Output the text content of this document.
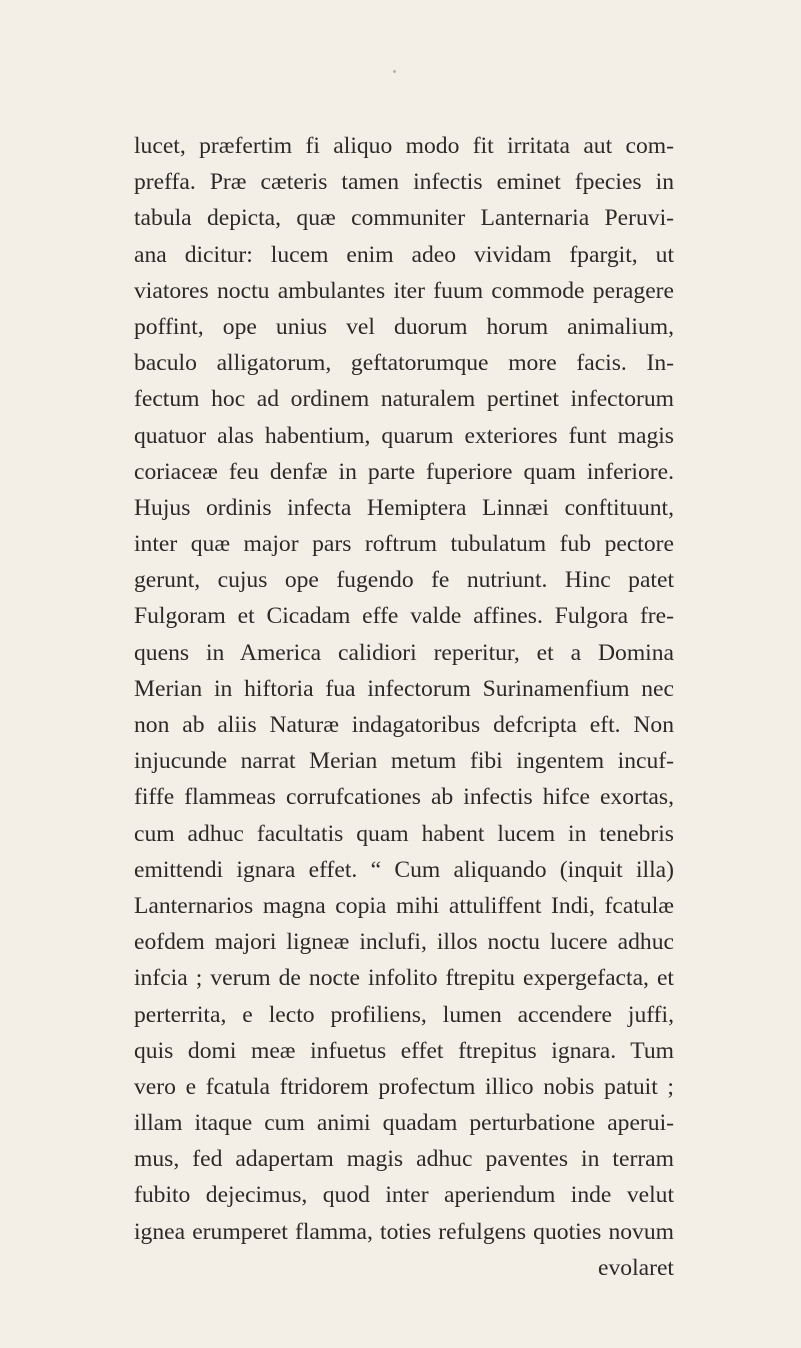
lucet, præfertim fi aliquo modo fit irritata aut com-
preffa. Præ cæteris tamen infectis eminet fpecies in
tabula depicta, quæ communiter Lanternaria Peruvi-
ana dicitur: lucem enim adeo vividam fpargit, ut
viatores noctu ambulantes iter fuum commode peragere
poffint, ope unius vel duorum horum animalium,
baculo alligatorum, geftatorumque more facis. In-
fectum hoc ad ordinem naturalem pertinet infectorum
quatuor alas habentium, quarum exteriores funt magis
coriaceæ feu denfæ in parte fuperiore quam inferiore.
Hujus ordinis infecta Hemiptera Linnæi conftituunt,
inter quæ major pars roftrum tubulatum fub pectore
gerunt, cujus ope fugendo fe nutriunt. Hinc patet
Fulgoram et Cicadam effe valde affines. Fulgora fre-
quens in America calidiori reperitur, et a Domina
Merian in hiftoria fua infectorum Surinamenfium nec
non ab aliis Naturæ indagatoribus defcripta eft. Non
injucunde narrat Merian metum fibi ingentem incuf-
fiffe flammeas corrufcationes ab infectis hifce exortas,
cum adhuc facultatis quam habent lucem in tenebris
emittendi ignara effet. “ Cum aliquando (inquit illa)
Lanternarios magna copia mihi attuliffent Indi, fcatulæ
eofdem majori ligneæ inclufi, illos noctu lucere adhuc
infcia ; verum de nocte infolito ftrepitu expergefacta, et
perterrita, e lecto profiliens, lumen accendere juffi,
quis domi meæ infuetus effet ftrepitus ignara. Tum
vero e fcatula ftridorem profectum illico nobis patuit ;
illam itaque cum animi quadam perturbatione aperui-
mus, fed adapertam magis adhuc paventes in terram
fubito dejecimus, quod inter aperiendum inde velut
ignea erumperet flamma, toties refulgens quoties novum
evolaret
